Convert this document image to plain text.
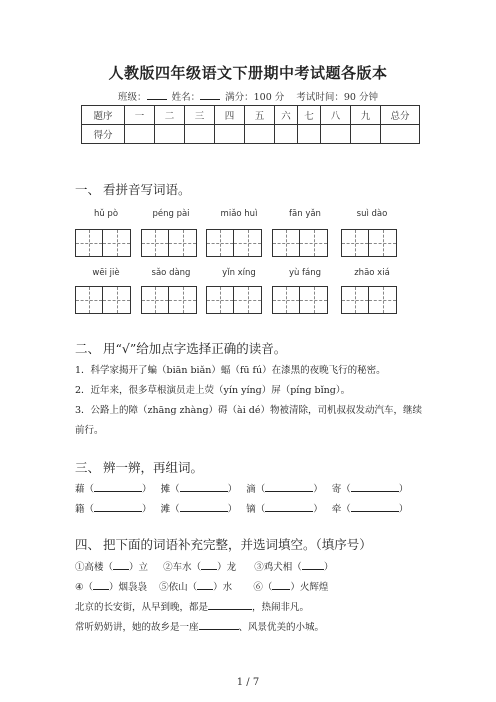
人教版四年级语文下册期中考试题各版本
班级：	姓名：	满分：100 分 考试时间：90 分钟
题序	一	二	三	四	五	六	七	八	九	总分
得分										
一、 看拼音写词语。
hǔ pò	péng pài	miǎo huì	fān yǎn	suì dào
wēi jiè	sǎo dàng	yǐn xíng	yù fáng	zhāo xiá
二、 用“√”给加点字选择正确的读音。
1．科学家揭开了蝙（biān biǎn）蝠（fū fú）在漆黑的夜晚飞行的秘密。
2．近年来，很多草根演员走上荧（yín yíng）屏（píng bǐng）。
3．公路上的障（zhāng zhàng）碍（ài dé）物被清除，司机叔叔发动汽车，继续
前行。
三、 辨一辨，再组词。
藉（	） 摊（	） 滴（	） 寄（	）
籍（	） 滩（	） 镝（	） 牵（	）
四、 把下面的词语补充完整，并选词填空。（填序号）
①高楼（ ）立 ②车水（ ）龙 ③鸡犬相（ ）
④（ ）烟袅袅 ⑤依山（ ）水 ⑥（ ）火辉煌
北京的长安街，从早到晚，都是	，热闹非凡。
常听奶奶讲，她的故乡是一座	、风景优美的小城。
1 / 7
